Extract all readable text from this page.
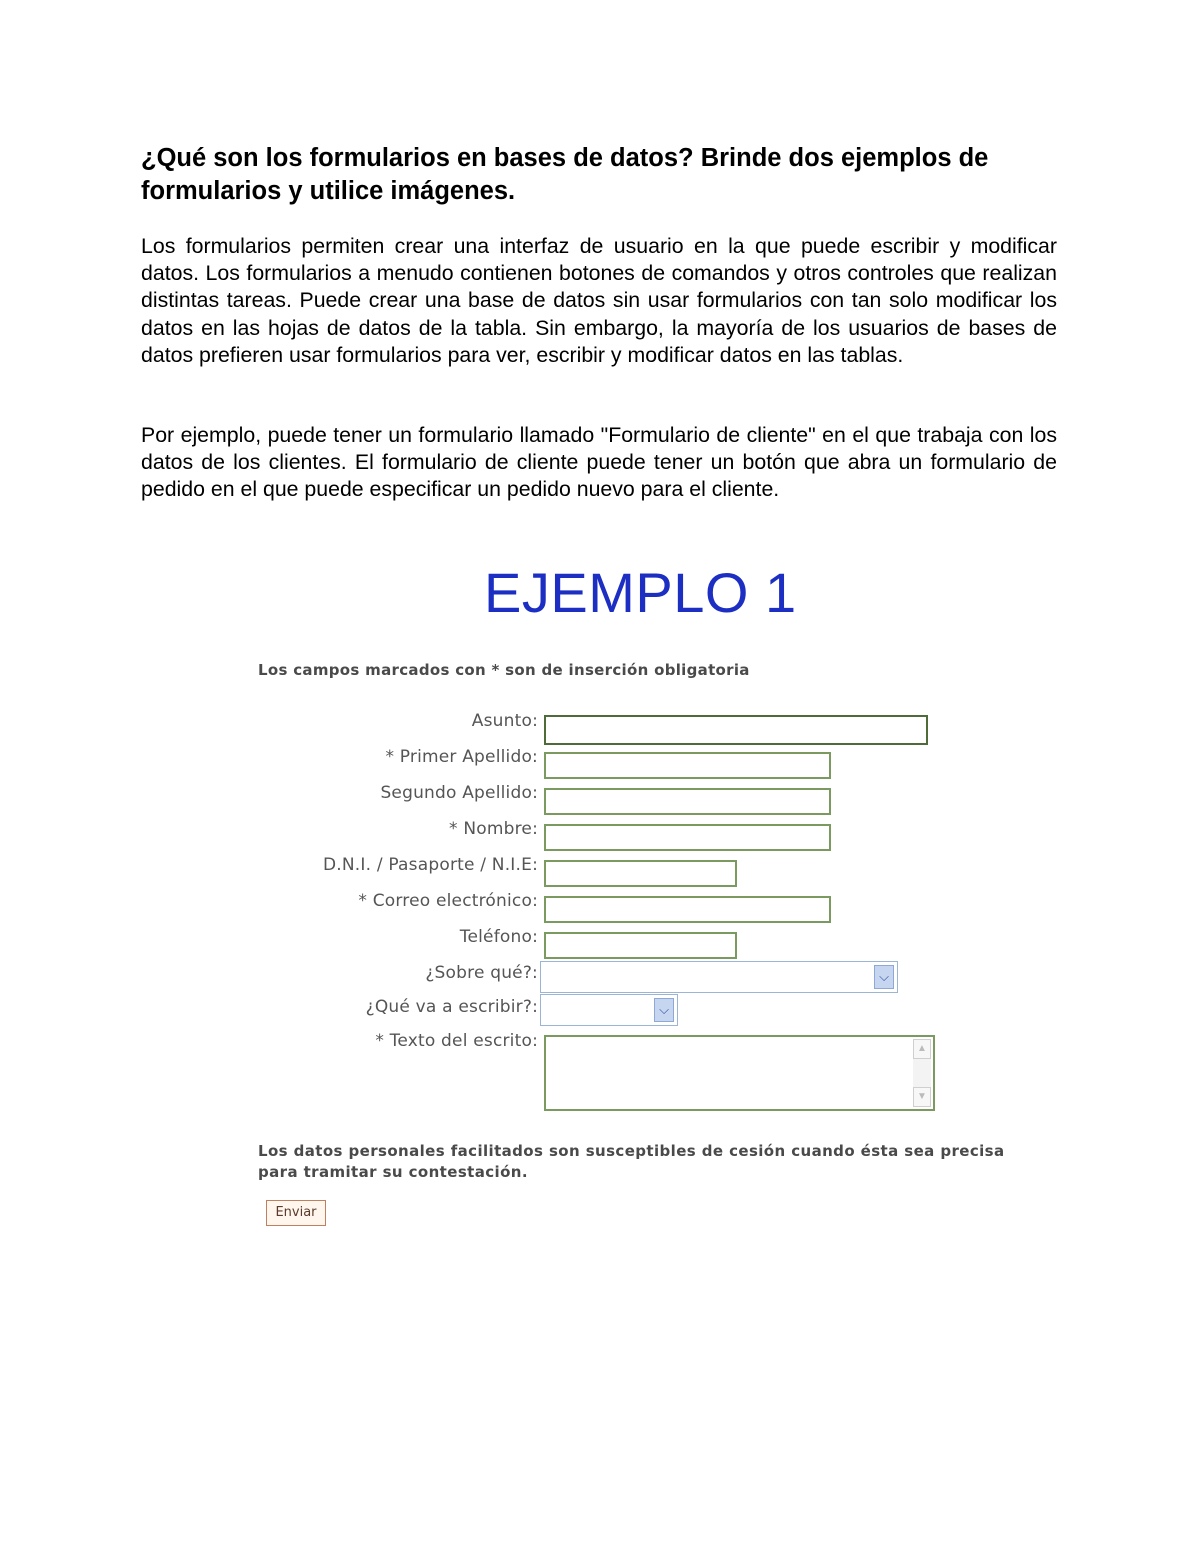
¿Qué son los formularios en bases de datos? Brinde dos ejemplos de formularios y utilice imágenes.

Los formularios permiten crear una interfaz de usuario en la que puede escribir y modificar datos. Los formularios a menudo contienen botones de comandos y otros controles que realizan distintas tareas. Puede crear una base de datos sin usar formularios con tan solo modificar los datos en las hojas de datos de la tabla. Sin embargo, la mayoría de los usuarios de bases de datos prefieren usar formularios para ver, escribir y modificar datos en las tablas.

Por ejemplo, puede tener un formulario llamado "Formulario de cliente" en el que trabaja con los datos de los clientes. El formulario de cliente puede tener un botón que abra un formulario de pedido en el que puede especificar un pedido nuevo para el cliente.

EJEMPLO 1
Los campos marcados con * son de inserción obligatoria
Asunto:
* Primer Apellido:
Segundo Apellido:
* Nombre:
D.N.I. / Pasaporte / N.I.E:
* Correo electrónico:
Teléfono:
¿Sobre qué?:
¿Qué va a escribir?:
* Texto del escrito:
⌵
⌵
▲
▼
Los datos personales facilitados son susceptibles de cesión cuando ésta sea precisa para tramitar su contestación.
Enviar
